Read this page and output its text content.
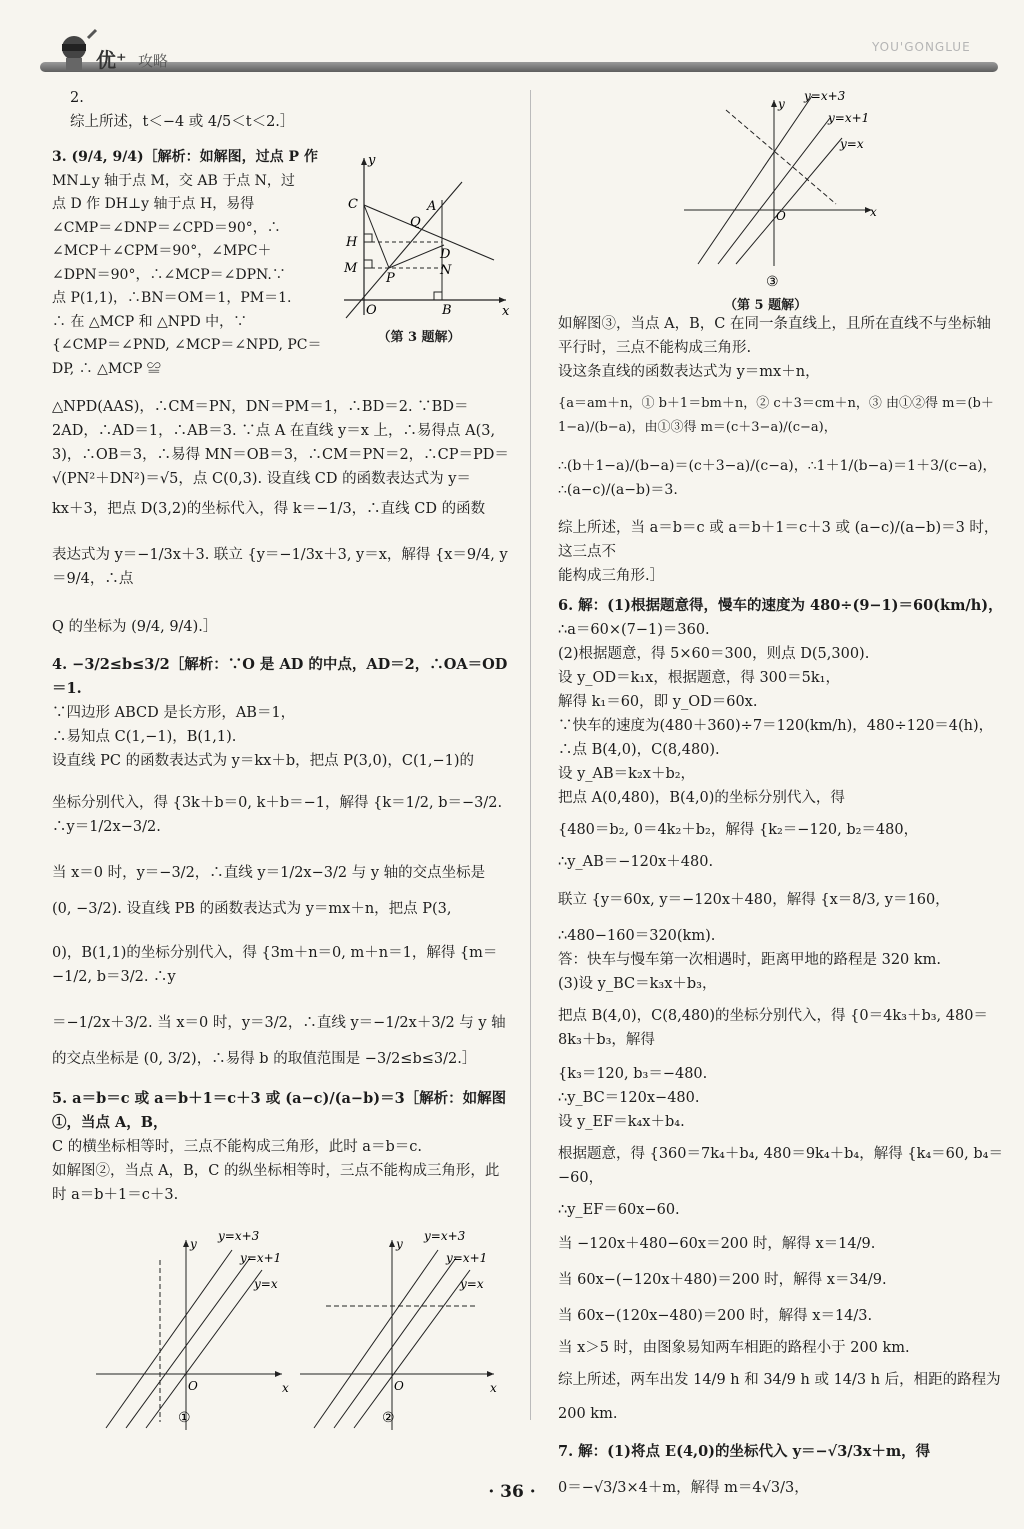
优⁺ 攻略
YOU'GONGLUE

2.

综上所述，t＜−4 或 4/5＜t＜2.］

3. (9/4, 9/4)［解析：如解图，过点 P 作

MN⊥y 轴于点 M，交 AB 于点 N，过

点 D 作 DH⊥y 轴于点 H，易得

∠CMP＝∠DNP＝∠CPD＝90°，∴

∠MCP＋∠CPM＝90°，∠MPC＋

∠DPN＝90°，∴∠MCP＝∠DPN.∵

点 P(1,1)，∴BN＝OM＝1，PM＝1.

∴ 在 △MCP 和 △NPD 中，∵

{∠CMP＝∠PND, ∠MCP＝∠NPD, PC＝DP, ∴ △MCP ≌

△NPD(AAS)，∴CM＝PN，DN＝PM＝1，∴BD＝2. ∵BD＝

2AD，∴AD＝1，∴AB＝3. ∵点 A 在直线 y＝x 上，∴易得点 A(3,

3)，∴OB＝3，∴易得 MN＝OB＝3，∴CM＝PN＝2，∴CP＝PD＝

√(PN²＋DN²)＝√5，点 C(0,3). 设直线 CD 的函数表达式为 y＝

kx＋3，把点 D(3,2)的坐标代入，得 k＝−1/3，∴直线 CD 的函数

表达式为 y＝−1/3x＋3. 联立 {y＝−1/3x＋3, y＝x，解得 {x＝9/4, y＝9/4，∴点

Q 的坐标为 (9/4, 9/4).］

4. −3/2≤b≤3/2［解析：∵O 是 AD 的中点，AD＝2，∴OA＝OD＝1.

∵四边形 ABCD 是长方形，AB＝1，

∴易知点 C(1,−1)，B(1,1).

设直线 PC 的函数表达式为 y＝kx＋b，把点 P(3,0)，C(1,−1)的

坐标分别代入，得 {3k＋b＝0, k＋b＝−1，解得 {k＝1/2, b＝−3/2. ∴y＝1/2x−3/2.

当 x＝0 时，y＝−3/2，∴直线 y＝1/2x−3/2 与 y 轴的交点坐标是

(0, −3/2). 设直线 PB 的函数表达式为 y＝mx＋n，把点 P(3,

0)，B(1,1)的坐标分别代入，得 {3m＋n＝0, m＋n＝1，解得 {m＝−1/2, b＝3/2. ∴y

＝−1/2x＋3/2. 当 x＝0 时，y＝3/2，∴直线 y＝−1/2x＋3/2 与 y 轴

的交点坐标是 (0, 3/2)，∴易得 b 的取值范围是 −3/2≤b≤3/2.］

5. a＝b＝c 或 a＝b＋1＝c＋3 或 (a−c)/(a−b)＝3［解析：如解图①，当点 A，B，

C 的横坐标相等时，三点不能构成三角形，此时 a＝b＝c.

如解图②，当点 A，B，C 的纵坐标相等时，三点不能构成三角形，此

时 a＝b＋1＝c＋3.

y
x
C
H
M
P
Q
A
D
N
O	B
（第 3 题解）
y
x
O
y=x+3
y=x+1
y=x
①
y
x
O
y=x+3
y=x+1
y=x
②
y
x
O
y=x+3
y=x+1
y=x
③
（第 5 题解）

如解图③，当点 A，B，C 在同一条直线上，且所在直线不与坐标轴

平行时，三点不能构成三角形.

设这条直线的函数表达式为 y＝mx＋n，

{a＝am＋n，① b＋1＝bm＋n，② c＋3＝cm＋n，③ 由①②得 m＝(b＋1−a)/(b−a)，由①③得 m＝(c＋3−a)/(c−a)，

∴(b＋1−a)/(b−a)＝(c＋3−a)/(c−a)，∴1＋1/(b−a)＝1＋3/(c−a)，∴(a−c)/(a−b)＝3.

综上所述，当 a＝b＝c 或 a＝b＋1＝c＋3 或 (a−c)/(a−b)＝3 时，这三点不

能构成三角形.］

6. 解：(1)根据题意得，慢车的速度为 480÷(9−1)＝60(km/h)，

∴a＝60×(7−1)＝360.

(2)根据题意，得 5×60＝300，则点 D(5,300).

设 y_OD＝k₁x，根据题意，得 300＝5k₁，

解得 k₁＝60，即 y_OD＝60x.

∵快车的速度为(480＋360)÷7＝120(km/h)，480÷120＝4(h)，

∴点 B(4,0)，C(8,480).

设 y_AB＝k₂x＋b₂，

把点 A(0,480)，B(4,0)的坐标分别代入，得

{480＝b₂, 0＝4k₂＋b₂，解得 {k₂＝−120, b₂＝480，

∴y_AB＝−120x＋480.

联立 {y＝60x, y＝−120x＋480，解得 {x＝8/3, y＝160，

∴480−160＝320(km).

答：快车与慢车第一次相遇时，距离甲地的路程是 320 km.

(3)设 y_BC＝k₃x＋b₃，

把点 B(4,0)，C(8,480)的坐标分别代入，得 {0＝4k₃＋b₃, 480＝8k₃＋b₃，解得

{k₃＝120, b₃＝−480.

∴y_BC＝120x−480.

设 y_EF＝k₄x＋b₄.

根据题意，得 {360＝7k₄＋b₄, 480＝9k₄＋b₄，解得 {k₄＝60, b₄＝−60，

∴y_EF＝60x−60.

当 −120x＋480−60x＝200 时，解得 x＝14/9.

当 60x−(−120x＋480)＝200 时，解得 x＝34/9.

当 60x−(120x−480)＝200 时，解得 x＝14/3.

当 x＞5 时，由图象易知两车相距的路程小于 200 km.

综上所述，两车出发 14/9 h 和 34/9 h 或 14/3 h 后，相距的路程为

200 km.

7. 解：(1)将点 E(4,0)的坐标代入 y＝−√3/3x＋m，得

0＝−√3/3×4＋m，解得 m＝4√3/3，

· 36 ·
